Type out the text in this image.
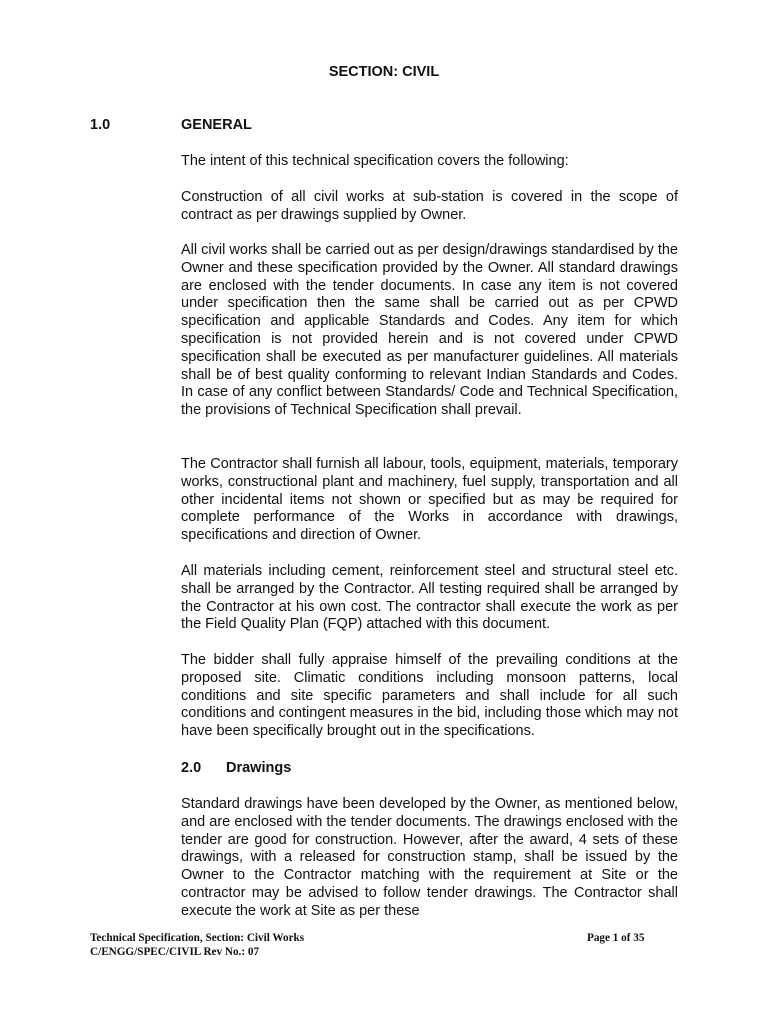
SECTION: CIVIL
1.0	GENERAL

The intent of this technical specification covers the following:

Construction of all civil works at sub-station is covered in the scope of contract as per drawings supplied by Owner.

All civil works shall be carried out as per design/drawings standardised by the Owner and these specification provided by the Owner. All standard drawings are enclosed with the tender documents. In case any item is not covered under specification then the same shall be carried out as per CPWD specification and applicable Standards and Codes. Any item for which specification is not provided herein and is not covered under CPWD specification shall be executed as per manufacturer guidelines. All materials shall be of best quality conforming to relevant Indian Standards and Codes. In case of any conflict between Standards/ Code and Technical Specification, the provisions of Technical Specification shall prevail.

The Contractor shall furnish all labour, tools, equipment, materials, temporary works, constructional plant and machinery, fuel supply, transportation and all other incidental items not shown or specified but as may be required for complete performance of the Works in accordance with drawings, specifications and direction of Owner.

All materials including cement, reinforcement steel and structural steel etc. shall be arranged by the Contractor. All testing required shall be arranged by the Contractor at his own cost. The contractor shall execute the work as per the Field Quality Plan (FQP) attached with this document.

The bidder shall fully appraise himself of the prevailing conditions at the proposed site. Climatic conditions including monsoon patterns, local conditions and site specific parameters and shall include for all such conditions and contingent measures in the bid, including those which may not have been specifically brought out in the specifications.

2.0 Drawings

Standard drawings have been developed by the Owner, as mentioned below, and are enclosed with the tender documents. The drawings enclosed with the tender are good for construction. However, after the award, 4 sets of these drawings, with a released for construction stamp, shall be issued by the Owner to the Contractor matching with the requirement at Site or the contractor may be advised to follow tender drawings. The Contractor shall execute the work at Site as per these

Technical Specification, Section: Civil Works
C/ENGG/SPEC/CIVIL Rev No.: 07
Page 1 of 35
